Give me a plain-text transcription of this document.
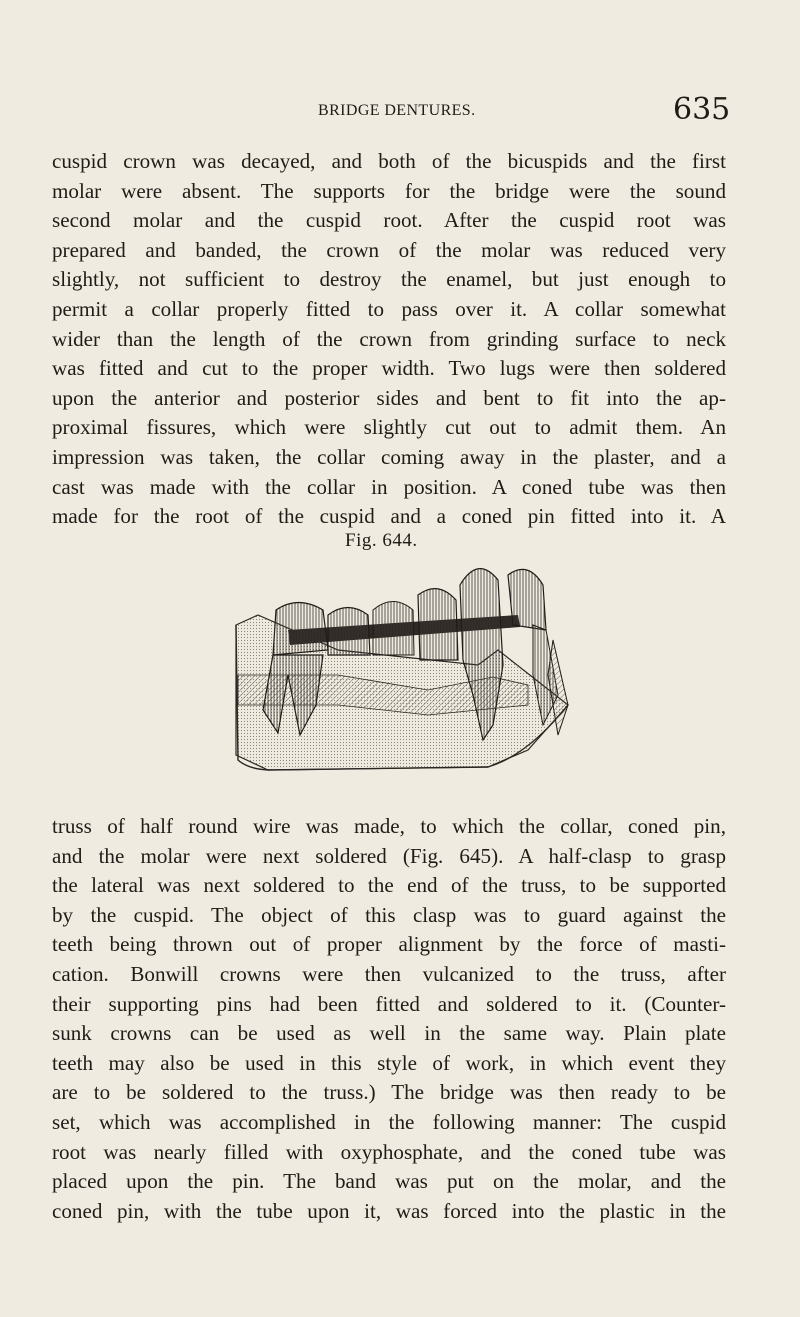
BRIDGE DENTURES.	635
cuspid crown was decayed, and both of the bicuspids and the first
molar were absent. The supports for the bridge were the sound
second molar and the cuspid root. After the cuspid root was
prepared and banded, the crown of the molar was reduced very
slightly, not sufficient to destroy the enamel, but just enough to
permit a collar properly fitted to pass over it. A collar somewhat
wider than the length of the crown from grinding surface to neck
was fitted and cut to the proper width. Two lugs were then soldered
upon the anterior and posterior sides and bent to fit into the ap-
proximal fissures, which were slightly cut out to admit them. An
impression was taken, the collar coming away in the plaster, and a
cast was made with the collar in position. A coned tube was then
made for the root of the cuspid and a coned pin fitted into it. A
Fig. 644.
truss of half round wire was made, to which the collar, coned pin,
and the molar were next soldered (Fig. 645). A half-clasp to grasp
the lateral was next soldered to the end of the truss, to be supported
by the cuspid. The object of this clasp was to guard against the
teeth being thrown out of proper alignment by the force of masti-
cation. Bonwill crowns were then vulcanized to the truss, after
their supporting pins had been fitted and soldered to it. (Counter-
sunk crowns can be used as well in the same way. Plain plate
teeth may also be used in this style of work, in which event they
are to be soldered to the truss.) The bridge was then ready to be
set, which was accomplished in the following manner: The cuspid
root was nearly filled with oxyphosphate, and the coned tube was
placed upon the pin. The band was put on the molar, and the
coned pin, with the tube upon it, was forced into the plastic in the
